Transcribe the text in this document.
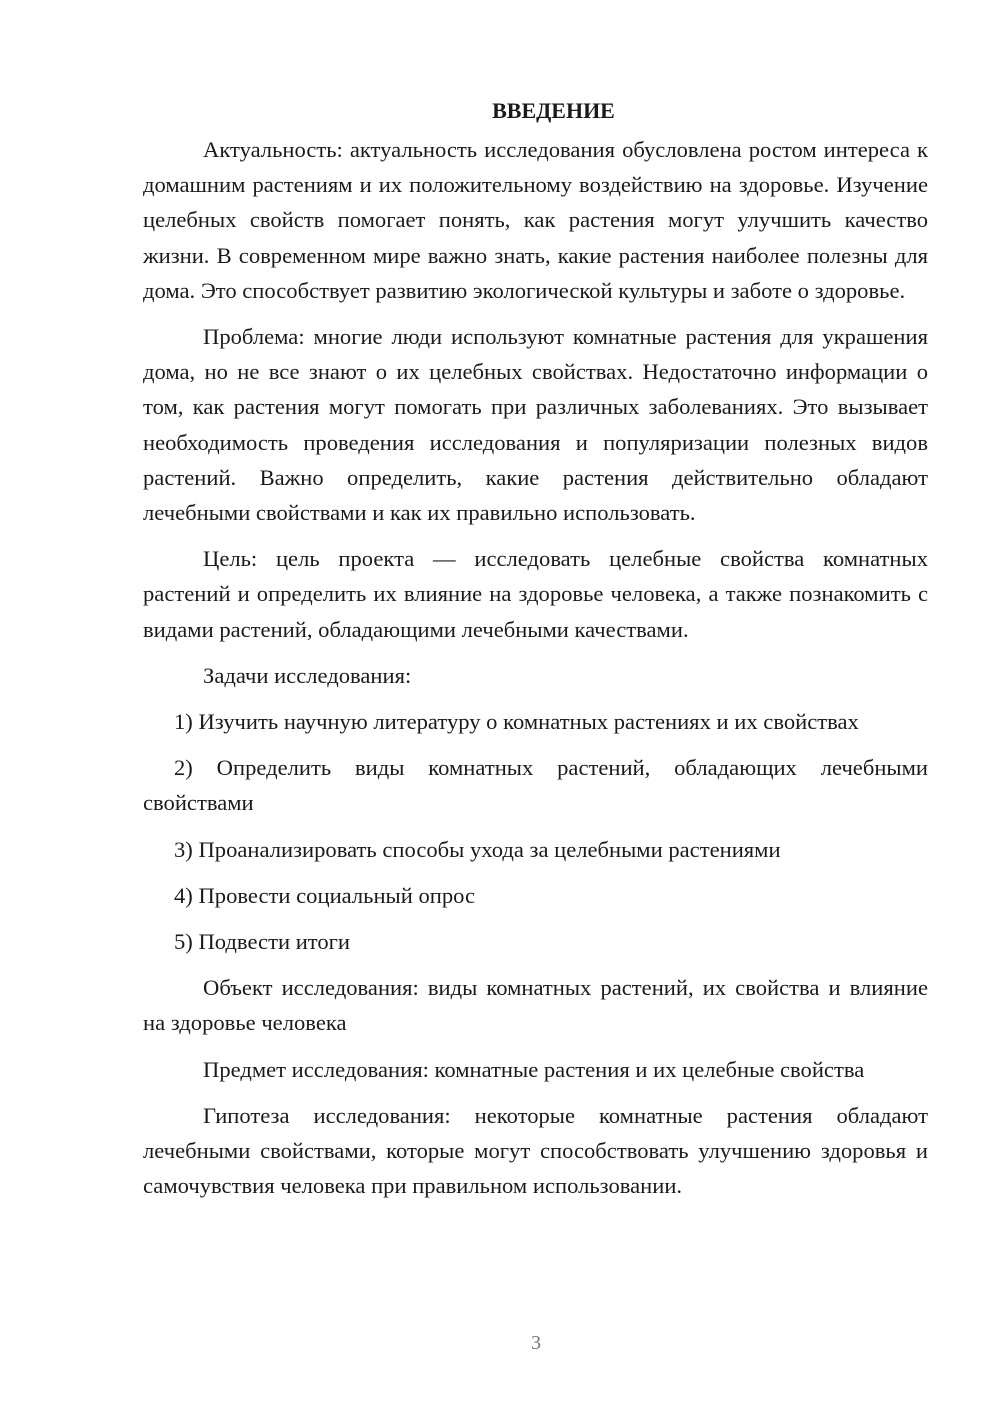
ВВЕДЕНИЕ

Актуальность: актуальность исследования обусловлена ростом интереса к домашним растениям и их положительному воздействию на здоровье. Изучение целебных свойств помогает понять, как растения могут улучшить качество жизни. В современном мире важно знать, какие растения наиболее полезны для дома. Это способствует развитию экологической культуры и заботе о здоровье.

Проблема: многие люди используют комнатные растения для украшения дома, но не все знают о их целебных свойствах. Недостаточно информации о том, как растения могут помогать при различных заболеваниях. Это вызывает необходимость проведения исследования и популяризации полезных видов растений. Важно определить, какие растения действительно обладают лечебными свойствами и как их правильно использовать.

Цель: цель проекта — исследовать целебные свойства комнатных растений и определить их влияние на здоровье человека, а также познакомить с видами растений, обладающими лечебными качествами.

Задачи исследования:

1) Изучить научную литературу о комнатных растениях и их свойствах

2) Определить виды комнатных растений, обладающих лечебными свойствами

3) Проанализировать способы ухода за целебными растениями

4) Провести социальный опрос

5) Подвести итоги

Объект исследования: виды комнатных растений, их свойства и влияние на здоровье человека

Предмет исследования: комнатные растения и их целебные свойства

Гипотеза исследования: некоторые комнатные растения обладают лечебными свойствами, которые могут способствовать улучшению здоровья и самочувствия человека при правильном использовании.

3
